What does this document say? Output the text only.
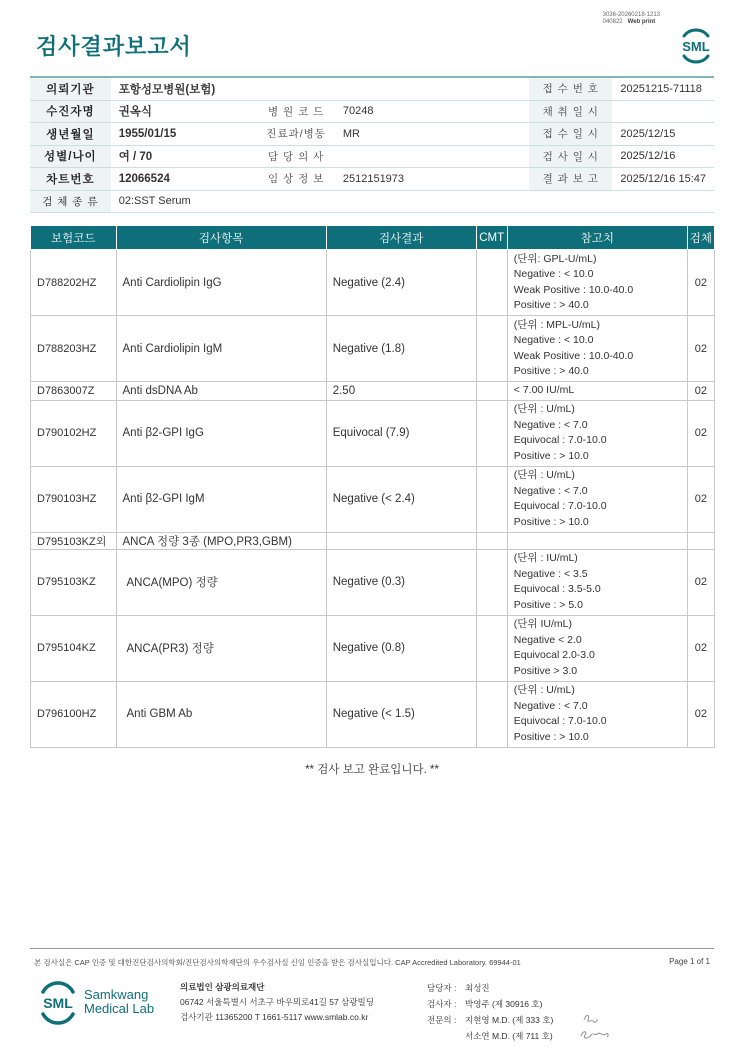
3036-20260218-1213
040822 Web print
검사결과보고서	SML
의뢰기관	포항성모병원(보험)				접 수 번 호	20251215-71118
수진자명	권옥식	병 원 코 드	70248		채 취 일 시	
생년월일	1955/01/15	진료과/병동	MR		접 수 일 시	2025/12/15
성별/나이	여 / 70	담 당 의 사			검 사 일 시	2025/12/16
차트번호	12066524	임 상 정 보	2512151973		결 과 보 고	2025/12/16 15:47
검 체 종 류	02:SST Serum					
보험코드	검사항목	검사결과	CMT	참고치	검체
D788202HZ	Anti Cardiolipin IgG	Negative (2.4)		(단위: GPL-U/mL)
Negative : < 10.0
Weak Positive : 10.0-40.0
Positive : > 40.0	02
D788203HZ	Anti Cardiolipin IgM	Negative (1.8)		(단위 : MPL-U/mL)
Negative : < 10.0
Weak Positive : 10.0-40.0
Positive : > 40.0	02
D7863007Z	Anti dsDNA Ab	2.50		< 7.00 IU/mL	02
D790102HZ	Anti β2-GPI IgG	Equivocal (7.9)		(단위 : U/mL)
Negative : < 7.0
Equivocal : 7.0-10.0
Positive : > 10.0	02
D790103HZ	Anti β2-GPI IgM	Negative (< 2.4)		(단위 : U/mL)
Negative : < 7.0
Equivocal : 7.0-10.0
Positive : > 10.0	02
D795103KZ외	ANCA 정량 3종 (MPO,PR3,GBM)				
D795103KZ	ANCA(MPO) 정량	Negative (0.3)		(단위 : IU/mL)
Negative : < 3.5
Equivocal : 3.5-5.0
Positive : > 5.0	02
D795104KZ	ANCA(PR3) 정량	Negative (0.8)		(단위 IU/mL)
Negative < 2.0
Equivocal 2.0-3.0
Positive > 3.0	02
D796100HZ	Anti GBM Ab	Negative (< 1.5)		(단위 : U/mL)
Negative : < 7.0
Equivocal : 7.0-10.0
Positive : > 10.0	02
** 검사 보고 완료입니다. **
본 검사실은 CAP 인증 및 대한진단검사의학회/진단검사의학재단의 우수검사실 신임 인증을 받은 검사실입니다. CAP Accredited Laboratory. 69944-01	Page 1 of 1
SML
Samkwang
Medical Lab
의료법인 삼광의료재단
06742 서울특별시 서초구 바우뫼로41길 57 삼광빌딩
검사기관 11365200 T 1661-5117 www.smlab.co.kr
담당자 :	최성진
검사자 :	박영주 (제 30916 호)
전문의 :	지현영 M.D. (제 333 호)
서소연 M.D. (제 711 호)
